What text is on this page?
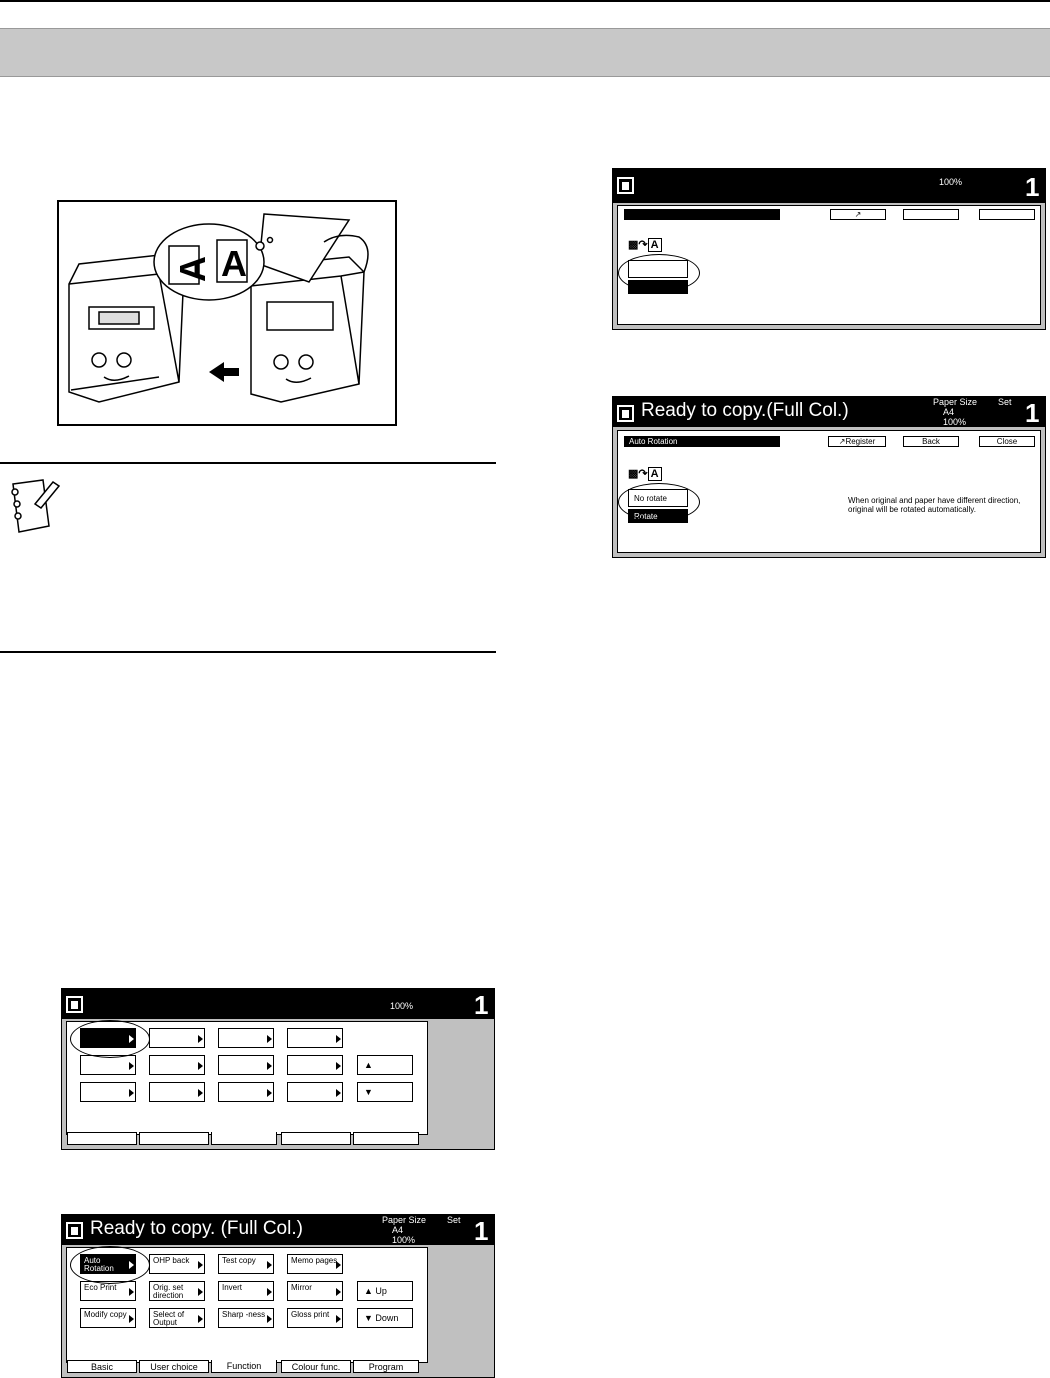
A A
100% 1
↗
▩↷ A
Ready to copy.(Full Col.)	Paper Size Set
A4
100% 1
Auto Rotation	↗Register	Back	Close
▩↷ A
No rotate
Rotate
When original and paper have different direction, original will be rotated automatically.
100% 1
▲
▼
Ready to copy. (Full Col.)	Paper Size Set
A4
100% 1
Auto Rotation
OHP back	Test copy	Memo pages
Eco Print	Orig. set direction
Invert	Mirror	▲ Up
Modify copy	Select of Output
Sharp -ness	Gloss print	▼ Down
Basic	User choice	Function	Colour func.	Program
